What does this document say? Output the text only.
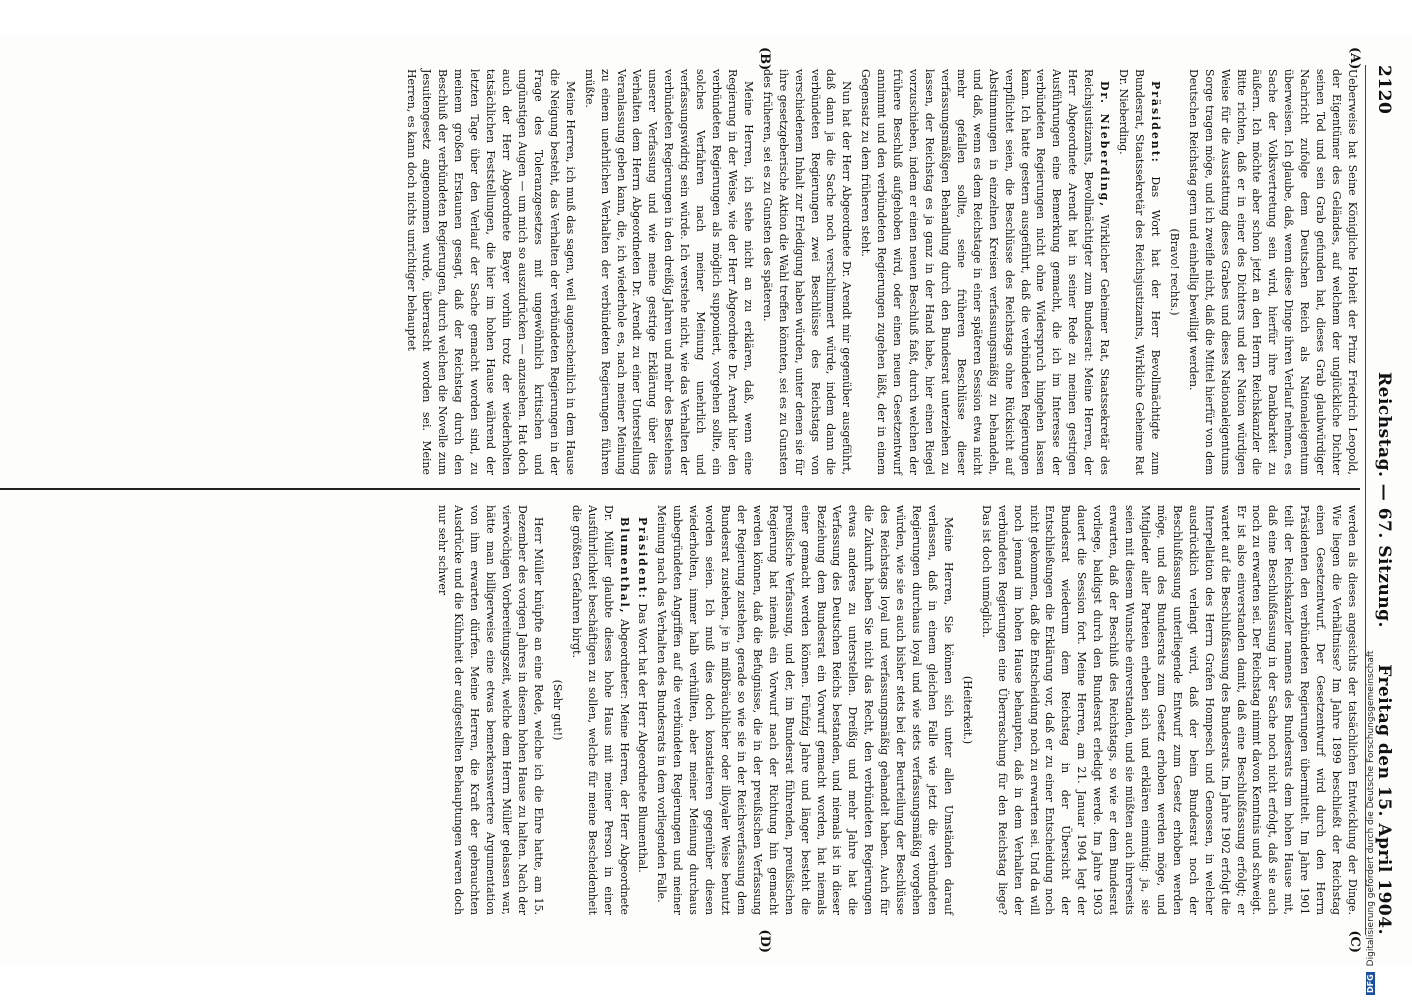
2120
Reichstag. — 67. Sitzung.
Freitag den 15. April 1904.
(A)
(B)
(C)
(D)

Ueberweise hat Seine Königliche Hoheit der Prinz Friedrich Leopold, der Eigentümer des Geländes, auf welchem der unglückliche Dichter seinen Tod und sein Grab gefunden hat, dieses Grab glaubwürdiger Nachricht zufolge dem Deutschen Reich als Nationaleigentum überweisen. Ich glaube, daß, wenn diese Dinge ihren Verlauf nehmen, es Sache der Volksvertretung sein wird, hierfür ihre Dankbarkeit zu äußern. Ich möchte aber schon jetzt an den Herrn Reichskanzler die Bitte richten, daß er in einer des Dichters und der Nation würdigen Weise für die Ausstattung dieses Grabes und dieses Nationaleigentums Sorge tragen möge, und ich zweifle nicht, daß die Mittel hierfür von dem Deutschen Reichstag gern und einhellig bewilligt werden.

(Bravo! rechts.)

Präsident: Das Wort hat der Herr Bevollmächtigte zum Bundesrat, Staatssekretär des Reichsjustizamts, Wirkliche Geheime Rat Dr. Nieberding.

Dr. Nieberding, Wirklicher Geheimer Rat, Staatssekretär des Reichsjustizamts, Bevollmächtigter zum Bundesrat: Meine Herren, der Herr Abgeordnete Arendt hat in seiner Rede zu meinen gestrigen Ausführungen eine Bemerkung gemacht, die ich im Interesse der verbündeten Regierungen nicht ohne Widerspruch hingehen lassen kann. Ich hatte gestern ausgeführt, daß die verbündeten Regierungen verpflichtet seien, die Beschlüsse des Reichstags ohne Rücksicht auf Abstimmungen in einzelnen Kreisen verfassungsmäßig zu behandeln, und daß, wenn es dem Reichstage in einer späteren Session etwa nicht mehr gefallen sollte, seine früheren Beschlüsse dieser verfassungsmäßigen Behandlung durch den Bundesrat unterziehen zu lassen, der Reichstag es ja ganz in der Hand habe, hier einen Riegel vorzuschieben, indem er einen neuen Beschluß faßt, durch welchen der frühere Beschluß aufgehoben wird, oder einen neuen Gesetzentwurf annimmt und den verbündeten Regierungen zugehen läßt, der in einem Gegensatz zu dem früheren steht.

Nun hat der Herr Abgeordnete Dr. Arendt mir gegenüber ausgeführt, daß dann ja die Sache noch verschlimmert würde, indem dann die verbündeten Regierungen zwei Beschlüsse des Reichstags von verschiedenem Inhalt zur Erledigung haben würden, unter denen sie für ihre gesetzgeberische Aktion die Wahl treffen könnten, sei es zu Gunsten des früheren, sei es zu Gunsten des späteren.

Meine Herren, ich stehe nicht an zu erklären, daß, wenn eine Regierung in der Weise, wie der Herr Abgeordnete Dr. Arendt hier den verbündeten Regierungen als möglich supponiert, vorgehen sollte, ein solches Verfahren nach meiner Meinung unehrlich und verfassungswidrig sein würde. Ich verstehe nicht, wie das Verhalten der verbündeten Regierungen in den dreißig Jahren und mehr des Bestehens unserer Verfassung und wie meine gestrige Erklärung über dies Verhalten dem Herrn Abgeordneten Dr. Arendt zu einer Unterstellung Veranlassung geben kann, die, ich wiederhole es, nach meiner Meinung zu einem unehrlichen Verhalten der verbündeten Regierungen führen müßte.

Meine Herren, ich muß das sagen, weil augenscheinlich in dem Hause die Neigung besteht, das Verhalten der verbündeten Regierungen in der Frage des Toleranzgesetzes mit ungewöhnlich kritischen und ungünstigen Augen — um mich so auszudrücken — anzusehen. Hat doch auch der Herr Abgeordnete Bayer vorhin trotz der wiederholten tatsächlichen Feststellungen, die hier im hohen Hause während der letzten Tage über den Verlauf der Sache gemacht worden sind, zu meinem großen Erstaunen gesagt, daß der Reichstag durch den Beschluß der verbündeten Regierungen, durch welchen die Novelle zum Jesuitengesetz angenommen wurde, überrascht worden sei. Meine Herren, es kann doch nichts unrichtiger behauptet

werden als dieses angesichts der tatsächlichen Entwicklung der Dinge. Wie liegen die Verhältnisse? Im Jahre 1899 beschließt der Reichstag einen Gesetzentwurf. Der Gesetzentwurf wird durch den Herrn Präsidenten den verbündeten Regierungen übermittelt. Im Jahre 1901 teilt der Reichskanzler namens des Bundesrats dem hohen Hause mit, daß eine Beschlußfassung in der Sache noch nicht erfolgt, daß sie auch noch zu erwarten sei. Der Reichstag nimmt davon Kenntnis und schweigt. Er ist also einverstanden damit, daß eine Beschlußfassung erfolgt; er wartet auf die Beschlußfassung des Bundesrats. Im Jahre 1902 erfolgt die Interpellation des Herrn Grafen Hompesch und Genossen, in welcher ausdrücklich verlangt wird, daß der beim Bundesrat noch der Beschlußfassung unterliegende Entwurf zum Gesetz erhoben werden möge, und des Bundesrats zum Gesetz erhoben werden möge, und Mitglieder aller Parteien erheben sich und erklären einmütig: ja, sie seien mit diesem Wunsche einverstanden, und sie müßten auch ihrerseits erwarten, daß der Beschluß des Reichstags, so wie er dem Bundesrat vorliege, baldigst durch den Bundesrat erledigt werde. Im Jahre 1903 dauert die Session fort. Meine Herren, am 21. Januar 1904 legt der Bundesrat wiederum dem Reichstag in der Übersicht der Entschließungen die Erklärung vor, daß er zu einer Entscheidung noch nicht gekommen, daß die Entscheidung noch zu erwarten sei. Und da will noch jemand im hohen Hause behaupten, daß in dem Verhalten der verbündeten Regierungen eine Überraschung für den Reichstag liege? Das ist doch unmöglich.

(Heiterkeit.)

Meine Herren, Sie können sich unter allen Umständen darauf verlassen, daß in einem gleichen Falle wie jetzt die verbündeten Regierungen durchaus loyal und wie stets verfassungsmäßig vorgehen würden, wie sie es auch bisher stets bei der Beurteilung der Beschlüsse des Reichstags loyal und verfassungsmäßig gehandelt haben. Auch für die Zukunft haben Sie nicht das Recht, den verbündeten Regierungen etwas anderes zu unterstellen. Dreißig und mehr Jahre hat die Verfassung des Deutschen Reichs bestanden, und niemals ist in dieser Beziehung dem Bundesrat ein Vorwurf gemacht worden, hat niemals einer gemacht werden können. Fünfzig Jahre und länger besteht die preußische Verfassung, und der, im Bundesrat führenden, preußischen Regierung hat niemals ein Vorwurf nach der Richtung hin gemacht werden können, daß die Befugnisse, die in der preußischen Verfassung der Regierung zustehen, gerade so wie sie in der Reichsverfassung dem Bundesrat zustehen, je in mißbräuchlicher oder illoyaler Weise benutzt worden seien. Ich muß dies doch konstatieren gegenüber diesen wiederholten, immer halb verhüllten, aber meiner Meinung durchaus unbegründeten Angriffen auf die verbündeten Regierungen und meiner Meinung nach das Verhalten des Bundesrats in dem vorliegenden Falle.

Präsident: Das Wort hat der Herr Abgeordnete Blumenthal.

Blumenthal, Abgeordneter: Meine Herren, der Herr Abgeordnete Dr. Müller glaubte dieses hohe Haus mit meiner Person in einer Ausführlichkeit beschäftigen zu sollen, welche für meine Bescheidenheit die größten Gefahren birgt.

(Sehr gut!)

Herr Müller knüpfte an eine Rede, welche ich die Ehre hatte, am 15. Dezember des vorigen Jahres in diesem hohen Hause zu halten. Nach der vierwöchigen Vorbereitungszeit, welche dem Herrn Müller gelassen war, hätte man billigerweise eine etwas bemerkenswertere Argumentation von ihm erwarten dürfen. Meine Herren, die Kraft der gebrauchten Ausdrücke und die Kühnheit der aufgestellten Behauptungen waren doch nur sehr schwer

DFGDigitalisierung gefördert durch die Deutsche Forschungsgemeinschaft
